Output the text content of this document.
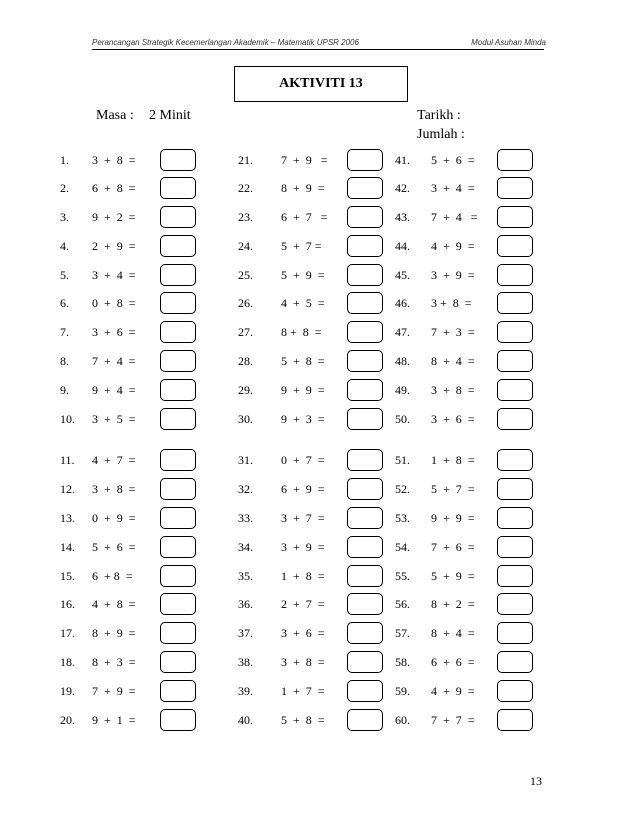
Perancangan Strategik Kecemerlangan Akademik – Matematik UPSR 2006	Modul Asuhan Minda
AKTIVITI 13
Masa : 2 Minit	Tarikh :
Jumlah :
1. 3  +  8  =
2. 6  +  8  =
3. 9  +  2  =
4. 2  +  9  =
5. 3  +  4  =
6. 0  +  8  =
7. 3  +  6  =
8. 7  +  4  =
9. 9  +  4  =
10. 3  +  5  =
11. 4  +  7  =
12. 3  +  8  =
13. 0  +  9  =
14. 5  +  6  =
15. 6  + 8  =
16. 4  +  8  =
17. 8  +  9  =
18. 8  +  3  =
19. 7  +  9  =
20. 9  +  1  =
21. 7  +  9   =
22. 8  +  9  =
23. 6  +  7   =
24. 5  +  7 =
25. 5  +  9  =
26. 4  +  5  =
27. 8 +  8  =
28. 5  +  8  =
29. 9  +  9  =
30. 9  +  3  =
31. 0  +  7  =
32. 6  +  9  =
33. 3  +  7  =
34. 3  +  9  =
35. 1  +  8  =
36. 2  +  7  =
37. 3  +  6  =
38. 3  +  8  =
39. 1  +  7  =
40. 5  +  8  =
41. 5  +  6  =
42. 3  +  4  =
43. 7  +  4   =
44. 4  +  9  =
45. 3  +  9  =
46. 3 +  8  =
47. 7  +  3  =
48. 8  +  4  =
49. 3  +  8  =
50. 3  +  6  =
51. 1  +  8  =
52. 5  +  7  =
53. 9  +  9  =
54. 7  +  6  =
55. 5  +  9  =
56. 8  +  2  =
57. 8  +  4  =
58. 6  +  6  =
59. 4  +  9  =
60. 7  +  7  =
13
